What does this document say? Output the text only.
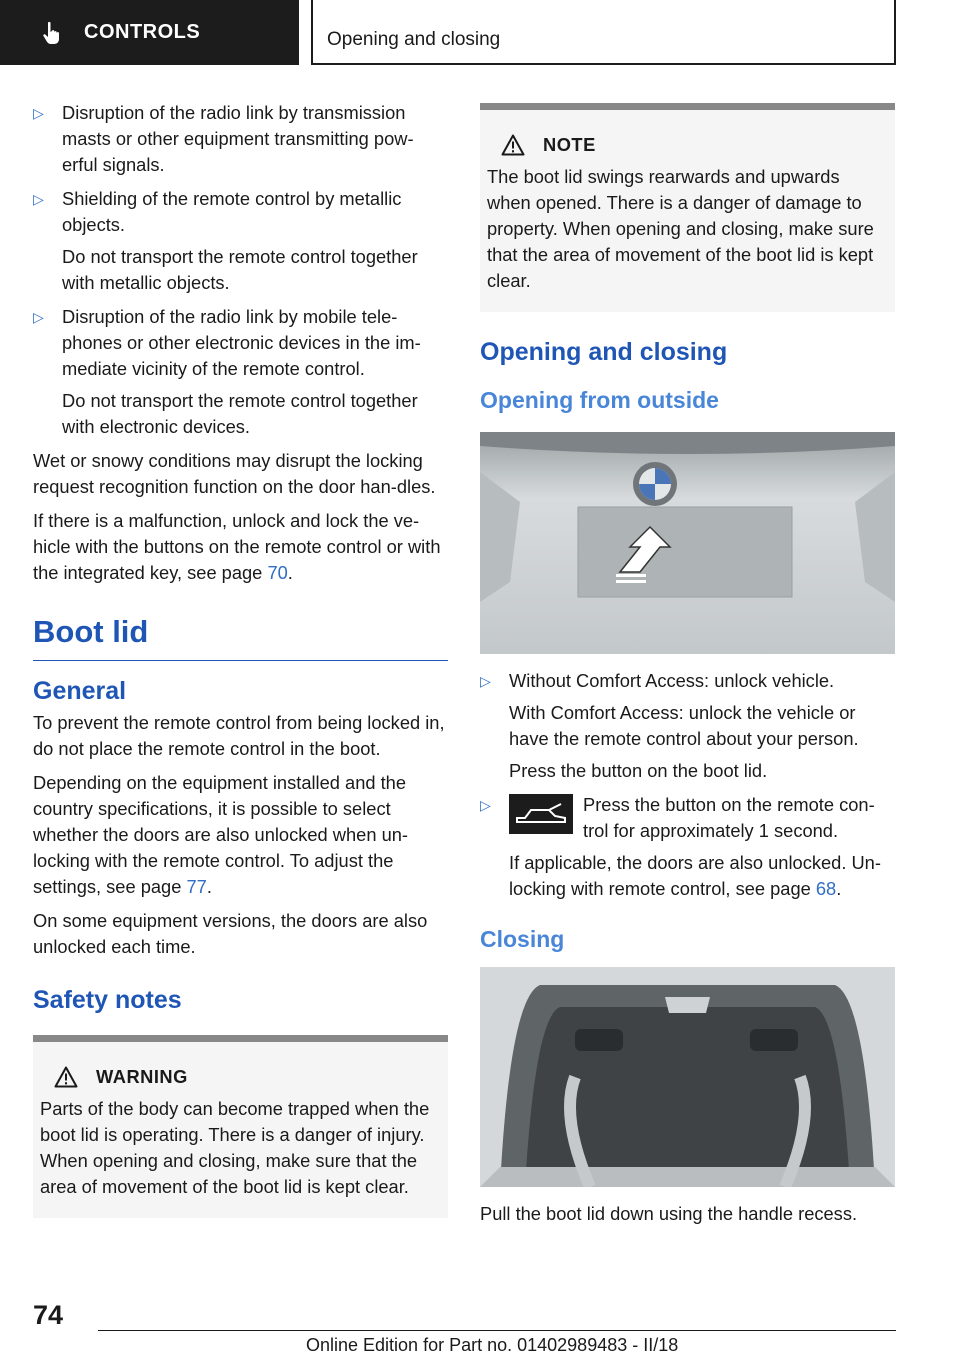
CONTROLS	Opening and closing
▷ Disruption of the radio link by transmission masts or other equipment transmitting pow-erful signals.
▷ Shielding of the remote control by metallic objects.

Do not transport the remote control together with metallic objects.

▷ Disruption of the radio link by mobile tele-phones or other electronic devices in the im-mediate vicinity of the remote control.

Do not transport the remote control together with electronic devices.

Wet or snowy conditions may disrupt the locking request recognition function on the door han-dles.

If there is a malfunction, unlock and lock the ve-hicle with the buttons on the remote control or with the integrated key, see page 70.

Boot lid
General

To prevent the remote control from being locked in, do not place the remote control in the boot.

Depending on the equipment installed and the country specifications, it is possible to select whether the doors are also unlocked when un-locking with the remote control. To adjust the settings, see page 77.

On some equipment versions, the doors are also unlocked each time.

Safety notes
WARNING
Parts of the body can become trapped when the boot lid is operating. There is a danger of injury. When opening and closing, make sure that the area of movement of the boot lid is kept clear.
NOTE
The boot lid swings rearwards and upwards when opened. There is a danger of damage to property. When opening and closing, make sure that the area of movement of the boot lid is kept clear.
Opening and closing
Opening from outside
▷ Without Comfort Access: unlock vehicle.

With Comfort Access: unlock the vehicle or have the remote control about your person.

Press the button on the boot lid.

▷	Press the button on the remote con-trol for approximately 1 second.

If applicable, the doors are also unlocked. Un-locking with remote control, see page 68.

Closing

Pull the boot lid down using the handle recess.

74
Online Edition for Part no. 01402989483 - II/18
